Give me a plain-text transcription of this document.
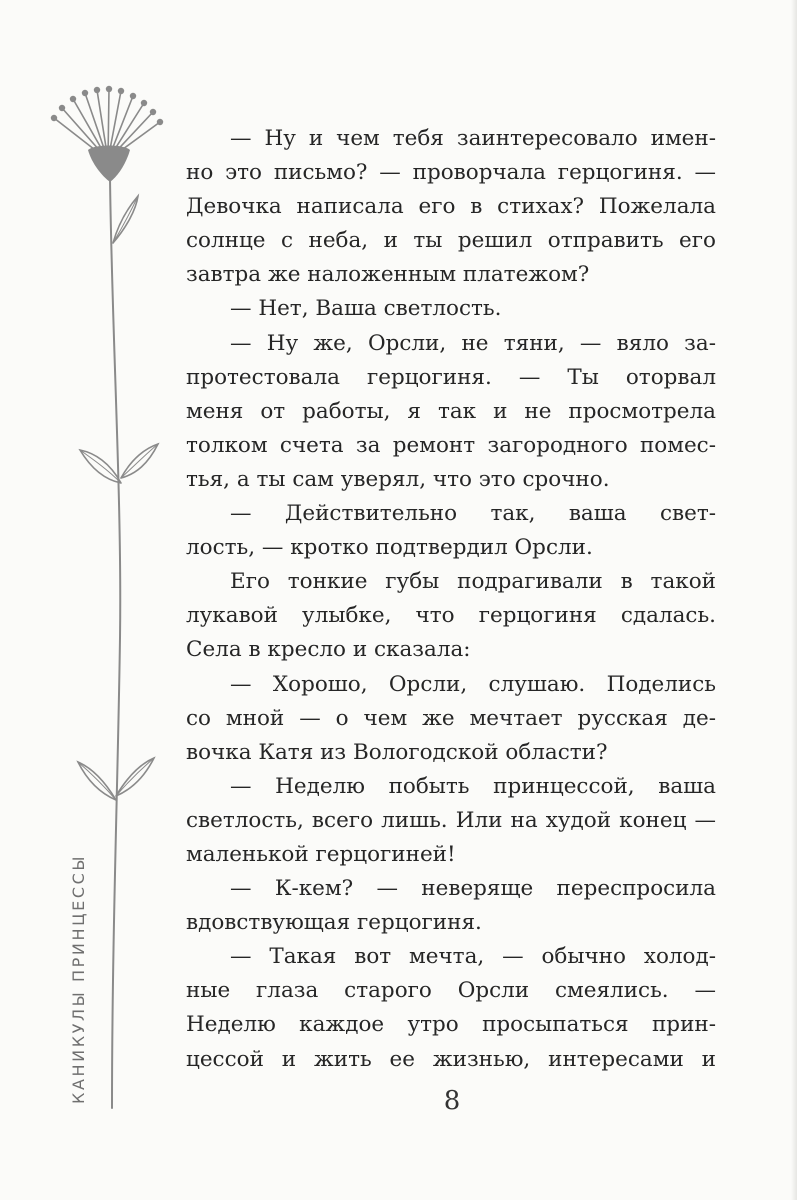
КАНИКУЛЫ ПРИНЦЕССЫ
— Ну и чем тебя заинтересовало имен-
но это письмо? — проворчала герцогиня. —
Девочка написала его в стихах? Пожелала
солнце с неба, и ты решил отправить его
завтра же наложенным платежом?
— Нет, Ваша светлость.
— Ну же, Орсли, не тяни, — вяло за-
протестовала герцогиня. — Ты оторвал
меня от работы, я так и не просмотрела
толком счета за ремонт загородного помес-
тья, а ты сам уверял, что это срочно.
— Действительно так, ваша свет-
лость, — кротко подтвердил Орсли.
Его тонкие губы подрагивали в такой
лукавой улыбке, что герцогиня сдалась.
Села в кресло и сказала:
— Хорошо, Орсли, слушаю. Поделись
со мной — о чем же мечтает русская де-
вочка Катя из Вологодской области?
— Неделю побыть принцессой, ваша
светлость, всего лишь. Или на худой конец —
маленькой герцогиней!
— К-кем? — неверяще переспросила
вдовствующая герцогиня.
— Такая вот мечта, — обычно холод-
ные глаза старого Орсли смеялись. —
Неделю каждое утро просыпаться прин-
цессой и жить ее жизнью, интересами и
8
